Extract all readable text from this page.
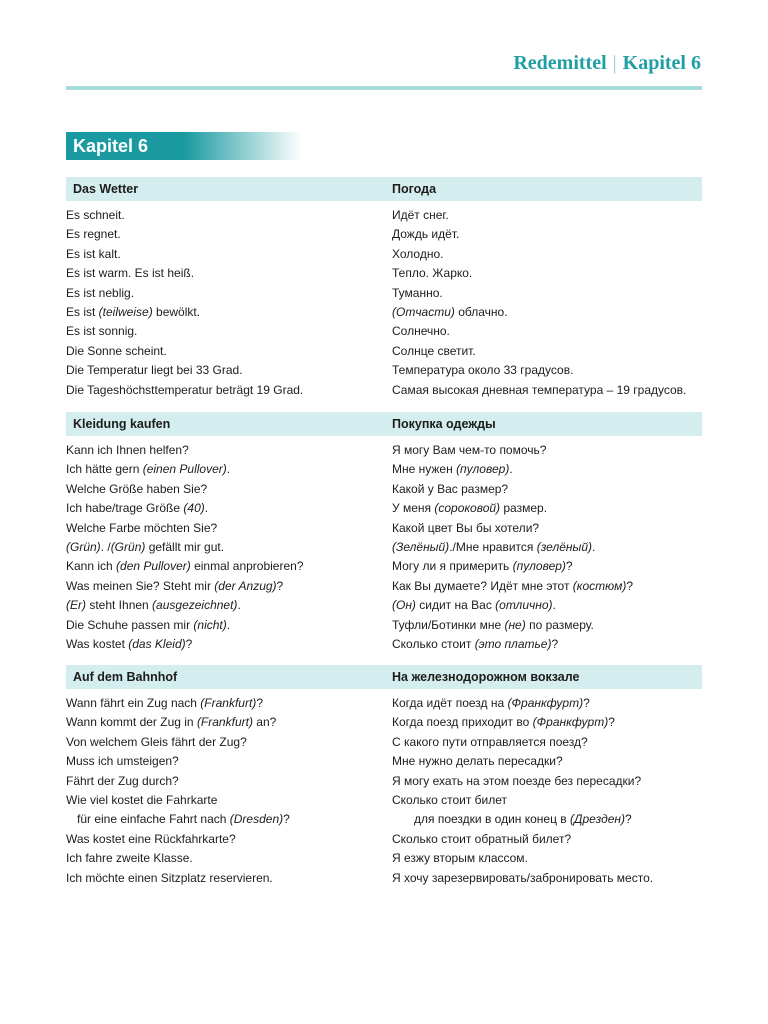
Redemittel | Kapitel 6
Kapitel 6
Das Wetter	Погода
Es schneit.	Идёт снег.
Es regnet.	Дождь идёт.
Es ist kalt.	Холодно.
Es ist warm. Es ist heiß.	Тепло. Жарко.
Es ist neblig.	Туманно.
Es ist (teilweise) bewölkt.	(Отчасти) облачно.
Es ist sonnig.	Солнечно.
Die Sonne scheint.	Солнце светит.
Die Temperatur liegt bei 33 Grad.	Температура около 33 градусов.
Die Tageshöchsttemperatur beträgt 19 Grad.	Самая высокая дневная температура – 19 градусов.
Kleidung kaufen	Покупка одежды
Kann ich Ihnen helfen?	Я могу Вам чем-то помочь?
Ich hätte gern (einen Pullover).	Мне нужен (пуловер).
Welche Größe haben Sie?	Какой у Вас размер?
Ich habe/trage Größe (40).	У меня (сороковой) размер.
Welche Farbe möchten Sie?	Какой цвет Вы бы хотели?
(Grün). /(Grün) gefällt mir gut.	(Зелёный)./Мне нравится (зелёный).
Kann ich (den Pullover) einmal anprobieren?	Могу ли я примерить (пуловер)?
Was meinen Sie? Steht mir (der Anzug)?	Как Вы думаете? Идёт мне этот (костюм)?
(Er) steht Ihnen (ausgezeichnet).	(Он) сидит на Вас (отлично).
Die Schuhe passen mir (nicht).	Туфли/Ботинки мне (не) по размеру.
Was kostet (das Kleid)?	Сколько стоит (это платье)?
Auf dem Bahnhof	На железнодорожном вокзале
Wann fährt ein Zug nach (Frankfurt)?	Когда идёт поезд на (Франкфурт)?
Wann kommt der Zug in (Frankfurt) an?	Когда поезд приходит во (Франкфурт)?
Von welchem Gleis fährt der Zug?	С какого пути отправляется поезд?
Muss ich umsteigen?	Мне нужно делать пересадки?
Fährt der Zug durch?	Я могу ехать на этом поезде без пересадки?
Wie viel kostet die Fahrkarte	Сколько стоит билет
für eine einfache Fahrt nach (Dresden)?	для поездки в один конец в (Дрезден)?
Was kostet eine Rückfahrkarte?	Сколько стоит обратный билет?
Ich fahre zweite Klasse.	Я езжу вторым классом.
Ich möchte einen Sitzplatz reservieren.	Я хочу зарезервировать/забронировать место.
